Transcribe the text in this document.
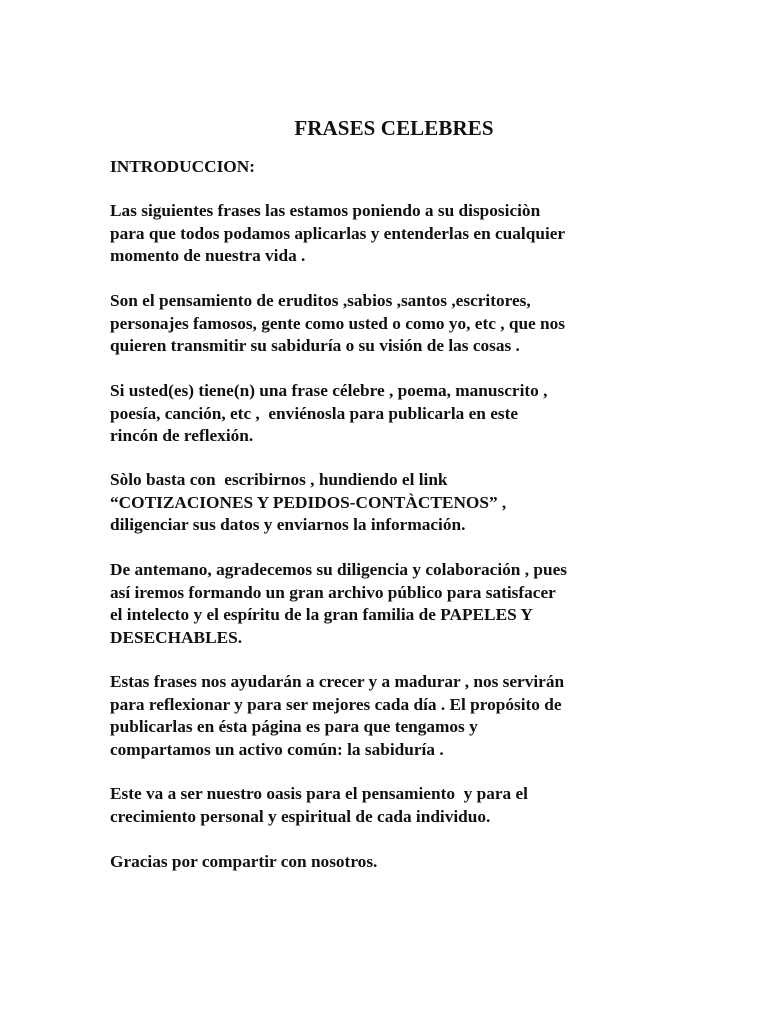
FRASES CELEBRES
INTRODUCCION:

Las siguientes frases las estamos poniendo a su disposiciòn
para que todos podamos aplicarlas y entenderlas en cualquier
momento de nuestra vida .

Son el pensamiento de eruditos ,sabios ,santos ,escritores,
personajes famosos, gente como usted o como yo, etc , que nos
quieren transmitir su sabiduría o su visión de las cosas .

Si usted(es) tiene(n) una frase célebre , poema, manuscrito ,
poesía, canción, etc ,  enviénosla para publicarla en este
rincón de reflexión.

Sòlo basta con  escribirnos , hundiendo el link
“COTIZACIONES Y PEDIDOS-CONTÀCTENOS” ,
diligenciar sus datos y enviarnos la información.

De antemano, agradecemos su diligencia y colaboración , pues
así iremos formando un gran archivo público para satisfacer
el intelecto y el espíritu de la gran familia de PAPELES Y
DESECHABLES.

Estas frases nos ayudarán a crecer y a madurar , nos servirán
para reflexionar y para ser mejores cada día . El propósito de
publicarlas en ésta página es para que tengamos y
compartamos un activo común: la sabiduría .

Este va a ser nuestro oasis para el pensamiento  y para el
crecimiento personal y espiritual de cada individuo.

Gracias por compartir con nosotros.
